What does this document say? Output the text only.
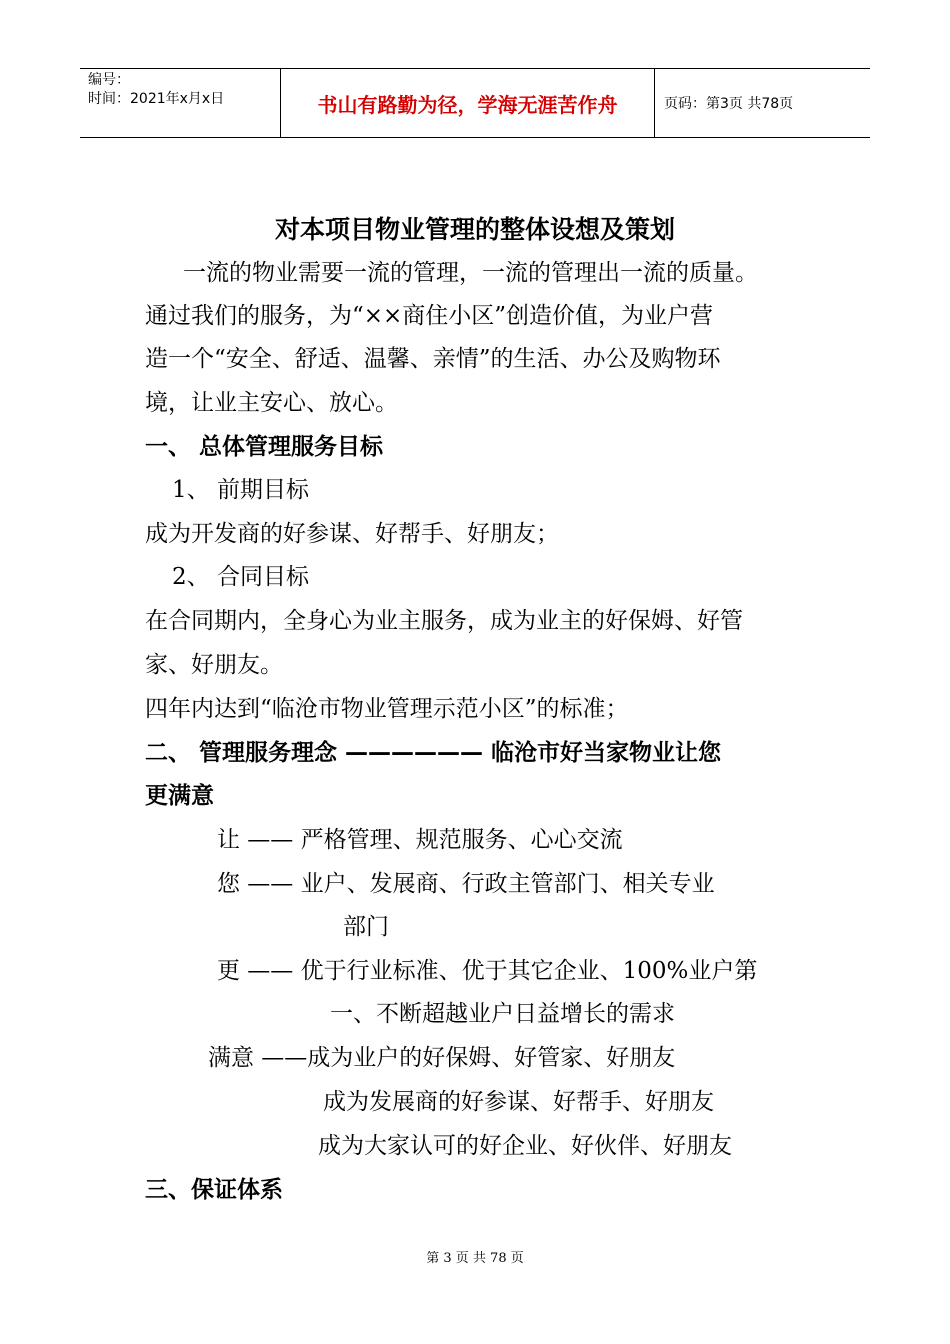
编号：
时间：2021年x月x日	书山有路勤为径，学海无涯苦作舟	页码：第3页 共78页
对本项目物业管理的整体设想及策划
一流的物业需要一流的管理，一流的管理出一流的质量。
通过我们的服务，为“××商住小区”创造价值，为业户营
造一个“安全、舒适、温馨、亲情”的生活、办公及购物环
境，让业主安心、放心。
一、 总体管理服务目标
1、 前期目标
成为开发商的好参谋、好帮手、好朋友；
2、 合同目标
在合同期内，全身心为业主服务，成为业主的好保姆、好管
家、好朋友。
四年内达到“临沧市物业管理示范小区”的标准；
二、 管理服务理念 —————— 临沧市好当家物业让您
更满意
让 —— 严格管理、规范服务、心心交流
您 —— 业户、发展商、行政主管部门、相关专业
部门
更 —— 优于行业标准、优于其它企业、100%业户第
一、不断超越业户日益增长的需求
满意 ——成为业户的好保姆、好管家、好朋友
成为发展商的好参谋、好帮手、好朋友
成为大家认可的好企业、好伙伴、好朋友
三、保证体系
第 3 页 共 78 页
